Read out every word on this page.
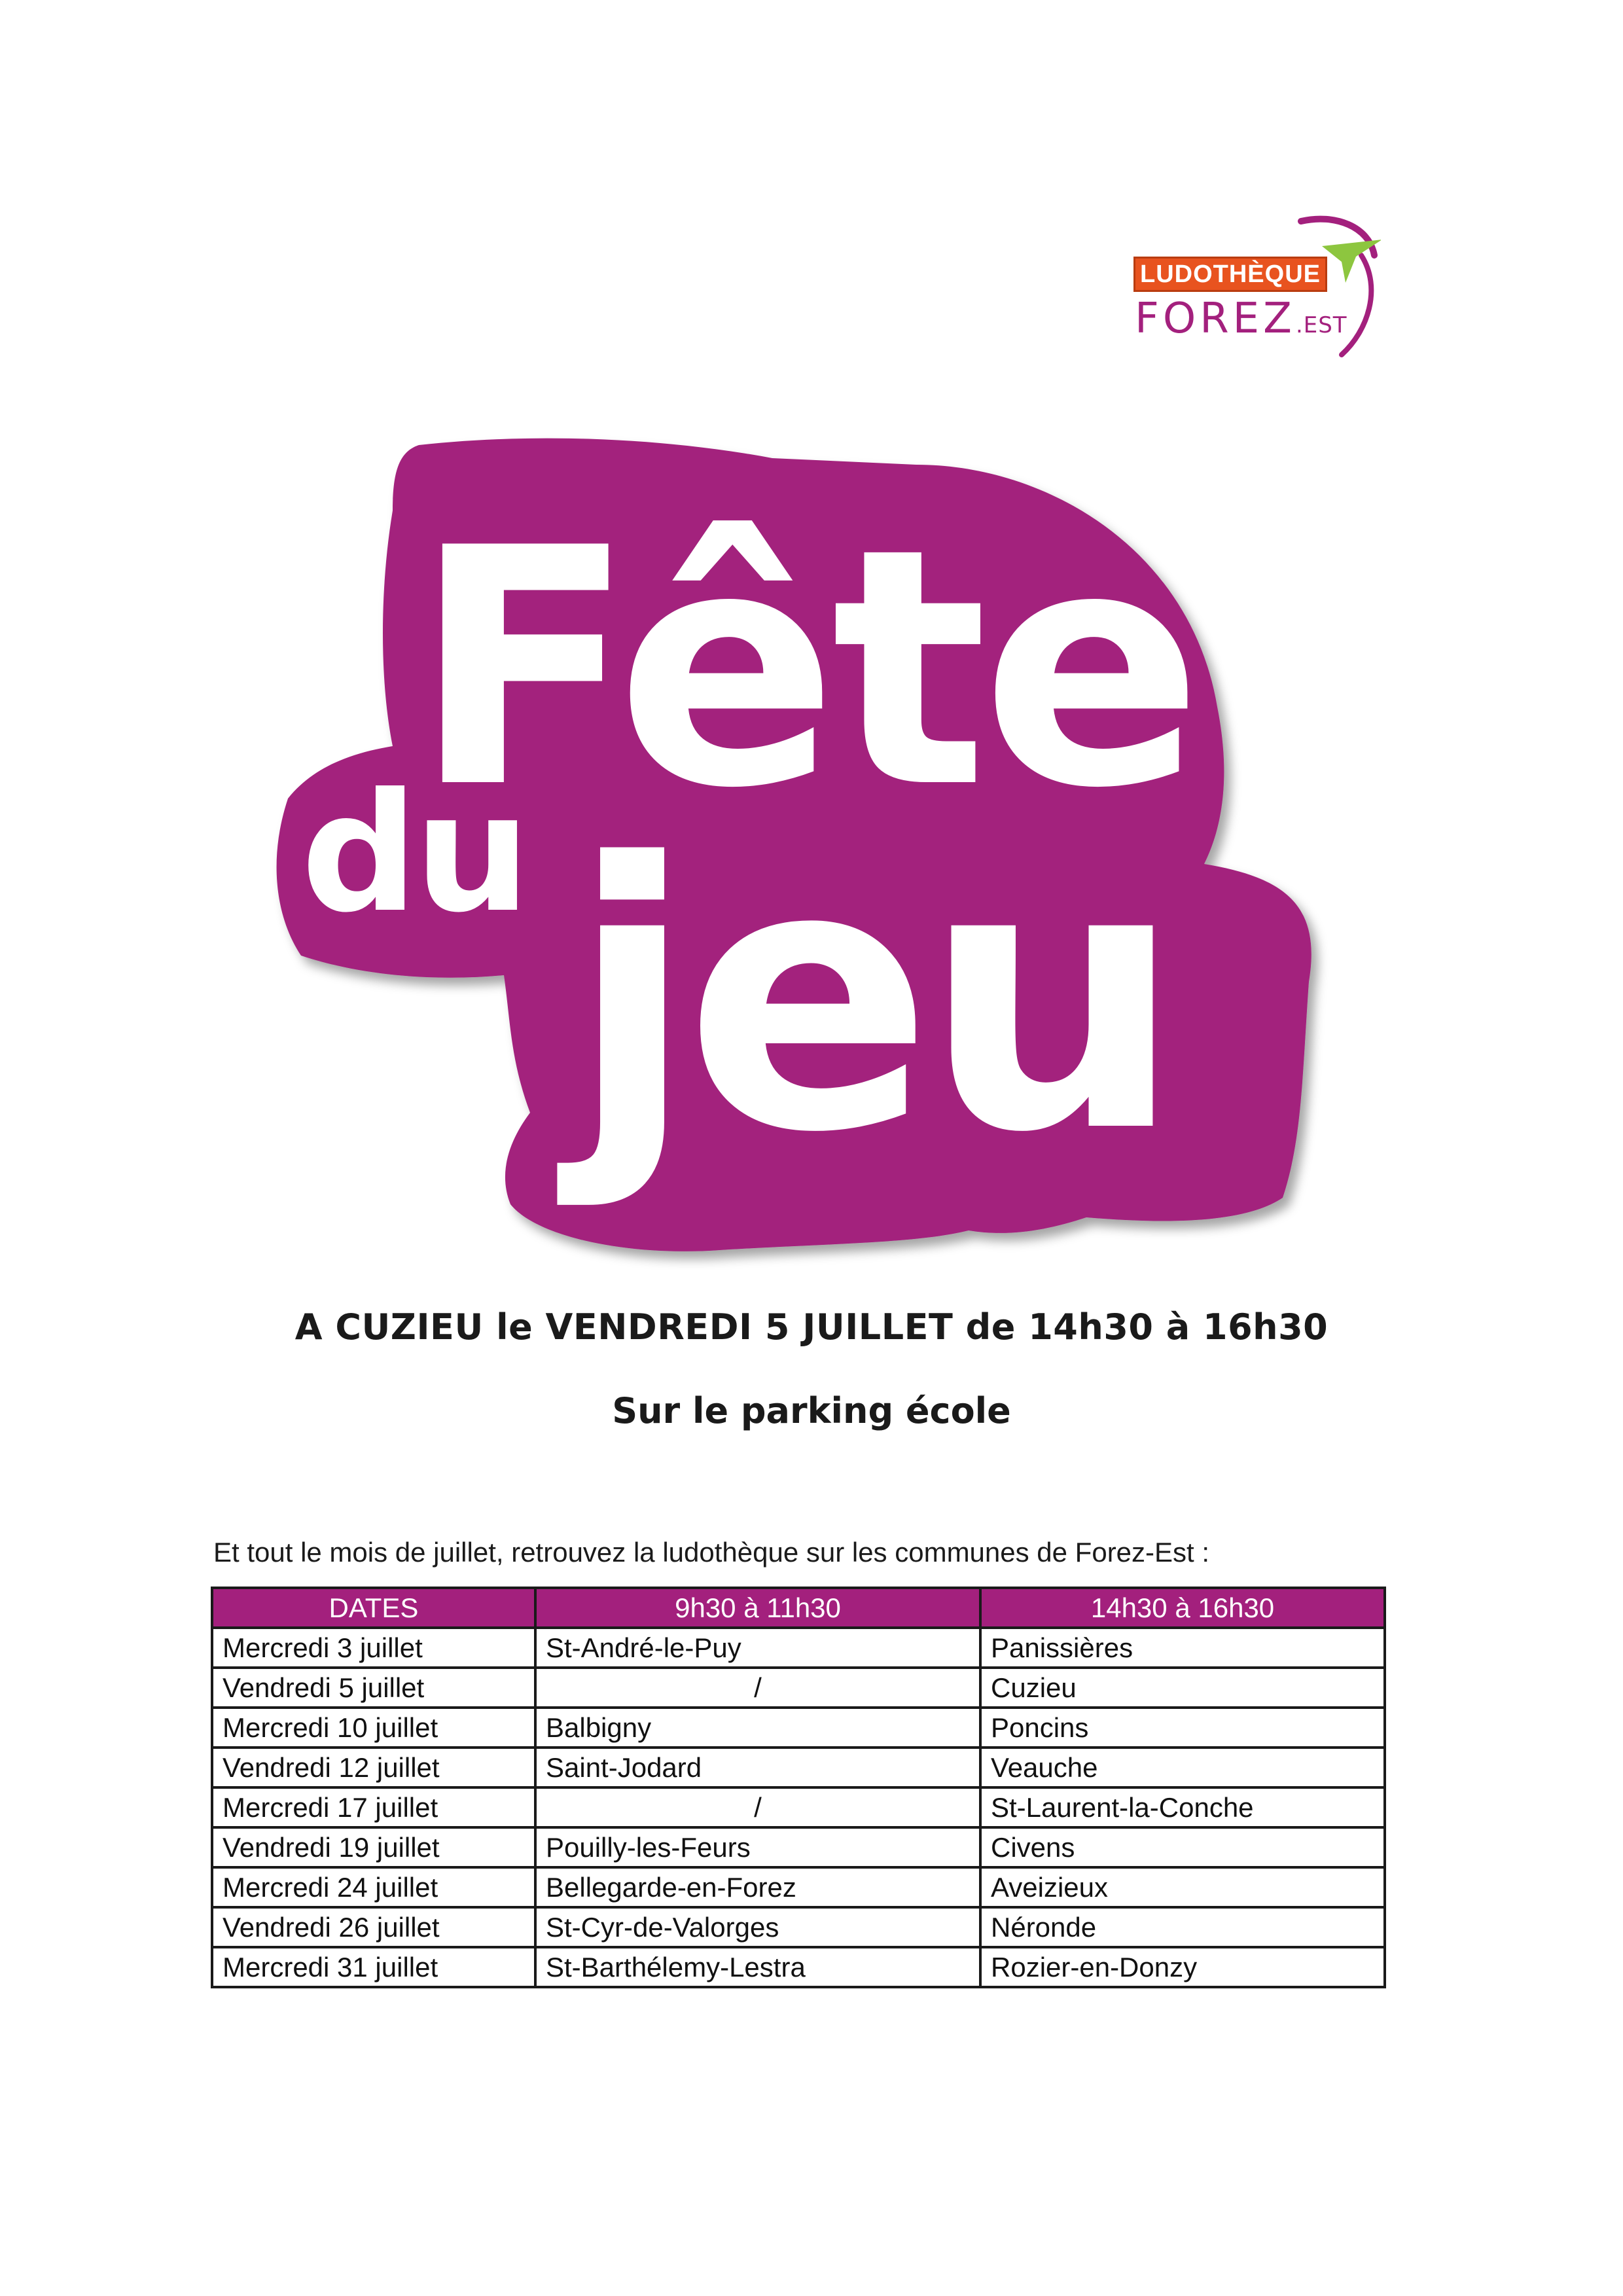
LUDOTHÈQUE
FOREZ.EST
Fête
du jeu
A CUZIEU le VENDREDI 5 JUILLET de 14h30 à 16h30
Sur le parking école
Et tout le mois de juillet, retrouvez la ludothèque sur les communes de Forez-Est :
DATES	9h30 à 11h30	14h30 à 16h30
Mercredi 3 juillet	St-André-le-Puy	Panissières
Vendredi 5 juillet	/	Cuzieu
Mercredi 10 juillet	Balbigny	Poncins
Vendredi 12 juillet	Saint-Jodard	Veauche
Mercredi 17 juillet	/	St-Laurent-la-Conche
Vendredi 19 juillet	Pouilly-les-Feurs	Civens
Mercredi 24 juillet	Bellegarde-en-Forez	Aveizieux
Vendredi 26 juillet	St-Cyr-de-Valorges	Néronde
Mercredi 31 juillet	St-Barthélemy-Lestra	Rozier-en-Donzy
